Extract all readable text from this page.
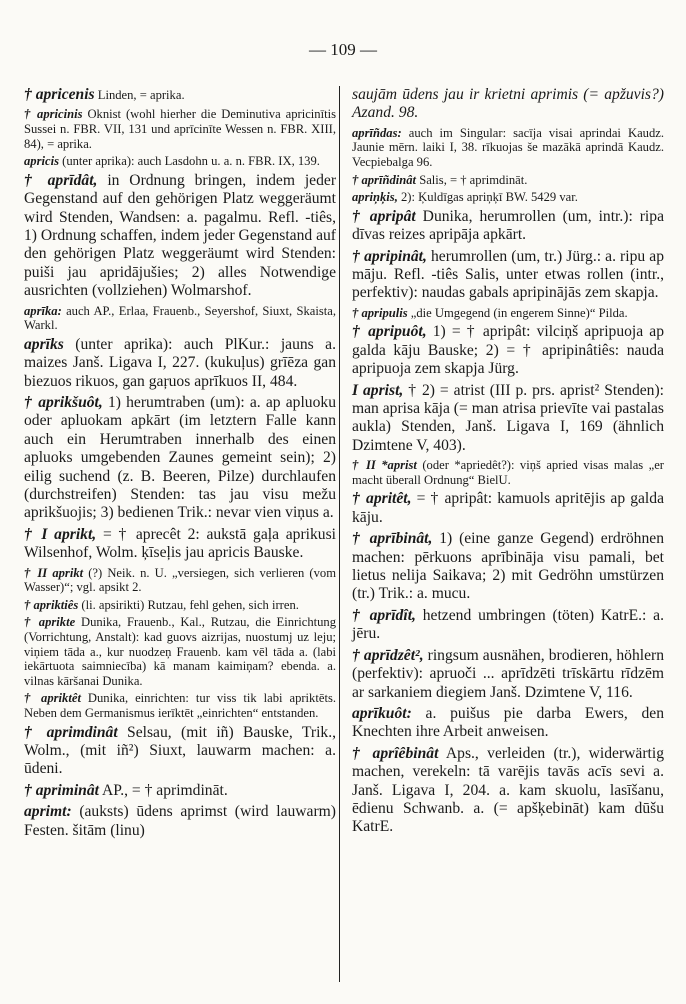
— 109 —
† apricenis Linden, = aprika.
† apricinis Oknist (wohl hierher die Deminutiva apricinītis Sussei n. FBR. VII, 131 und aprīcinīte Wessen n. FBR. XIII, 84), = aprika.
apricis (unter aprika): auch Lasdohn u. a. n. FBR. IX, 139.
† aprīdât, in Ordnung bringen, indem jeder Gegenstand auf den gehörigen Platz weggeräumt wird Stenden, Wandsen: a. pagalmu. Refl. -tiês, 1) Ordnung schaffen, indem jeder Gegenstand auf den gehörigen Platz weggeräumt wird Stenden: puiši jau apridājušies; 2) alles Notwendige ausrichten (vollziehen) Wolmarshof.
aprīka: auch AP., Erlaa, Frauenb., Seyershof, Siuxt, Skaista, Warkl.
aprīks (unter aprika): auch PlKur.: jauns a. maizes Janš. Ligava I, 227. (kukuļus) grīēza gan biezuos rikuos, gan gaŗuos aprīkuos II, 484.
† aprikšuôt, 1) herumtraben (um): a. ap apluoku oder apluokam apkārt (im letztern Falle kann auch ein Herumtraben innerhalb des einen apluoks umgebenden Zaunes gemeint sein); 2) eilig suchend (z. B. Beeren, Pilze) durchlaufen (durchstreifen) Stenden: tas jau visu mežu aprikšuojis; 3) bedienen Trik.: nevar vien viņus a.
† I aprikt, = † aprecêt 2: aukstā gaļa aprikusi Wilsenhof, Wolm. ķīseļis jau apricis Bauske.
† II aprikt (?) Neik. n. U. „versiegen, sich verlieren (vom Wasser)“; vgl. apsikt 2.
† apriktiês (li. apsirikti) Rutzau, fehl gehen, sich irren.
† aprikte Dunika, Frauenb., Kal., Rutzau, die Einrichtung (Vorrichtung, Anstalt): kad guovs aizrijas, nuostumj uz leju; viņiem tāda a., kur nuodzeņ Frauenb. kam vēl tāda a. (labi iekārtuota saimniecība) kā manam kaimiņam? ebenda. a. vilnas kāršanai Dunika.
† apriktêt Dunika, einrichten: tur viss tik labi apriktēts. Neben dem Germanismus ierīktēt „einrichten“ entstanden.
† aprimdinât Selsau, (mit iñ) Bauske, Trik., Wolm., (mit iñ²) Siuxt, lauwarm machen: a. ūdeni.
† apriminât AP., = † aprimdināt.
aprimt: (auksts) ūdens aprimst (wird lauwarm) Festen. šitām (linu)
saujām ūdens jau ir krietni aprimis (= apžuvis?) Azand. 98.
aprīñdas: auch im Singular: sacīja visai aprindai Kaudz. Jaunie mērn. laiki I, 38. rīkuojas še mazākā aprindā Kaudz. Vecpiebalga 96.
† aprīñdinât Salis, = † aprimdināt.
apriņķis, 2): Ķuldīgas apriņķī BW. 5429 var.
† apripât Dunika, herumrollen (um, intr.): ripa dīvas reizes apripāja apkārt.
† apripinât, herumrollen (um, tr.) Jürg.: a. ripu ap māju. Refl. -tiês Salis, unter etwas rollen (intr., perfektiv): naudas gabals apripinājās zem skapja.
† apripulis „die Umgegend (in engerem Sinne)“ Pilda.
† apripuôt, 1) = † apripât: vilciņš apripuoja ap galda kāju Bauske; 2) = † apripinâtiês: nauda apripuoja zem skapja Jürg.
I aprist, † 2) = atrist (III p. prs. aprist² Stenden): man aprisa kāja (= man atrisa prievīte vai pastalas aukla) Stenden, Janš. Ligava I, 169 (ähnlich Dzimtene V, 403).
† II *aprist (oder *apriedêt?): viņš apried visas malas „er macht überall Ordnung“ BielU.
† apritêt, = † apripât: kamuols apritējis ap galda kāju.
† aprībinât, 1) (eine ganze Gegend) erdröhnen machen: pērkuons aprībināja visu pamali, bet lietus nelija Saikava; 2) mit Gedröhn umstürzen (tr.) Trik.: a. mucu.
† aprīdît, hetzend umbringen (töten) KatrE.: a. jēru.
† aprīdzêt², ringsum ausnähen, brodieren, höhlern (perfektiv): apruoči ... aprīdzēti trīskārtu rīdzēm ar sarkaniem diegiem Janš. Dzimtene V, 116.
aprīkuôt: a. puišus pie darba Ewers, den Knechten ihre Arbeit anweisen.
† aprîêbinât Aps., verleiden (tr.), widerwärtig machen, verekeln: tā varējis tavās acīs sevi a. Janš. Ligava I, 204. a. kam skuolu, lasīšanu, ēdienu Schwanb. a. (= apšķebināt) kam dūšu KatrE.
